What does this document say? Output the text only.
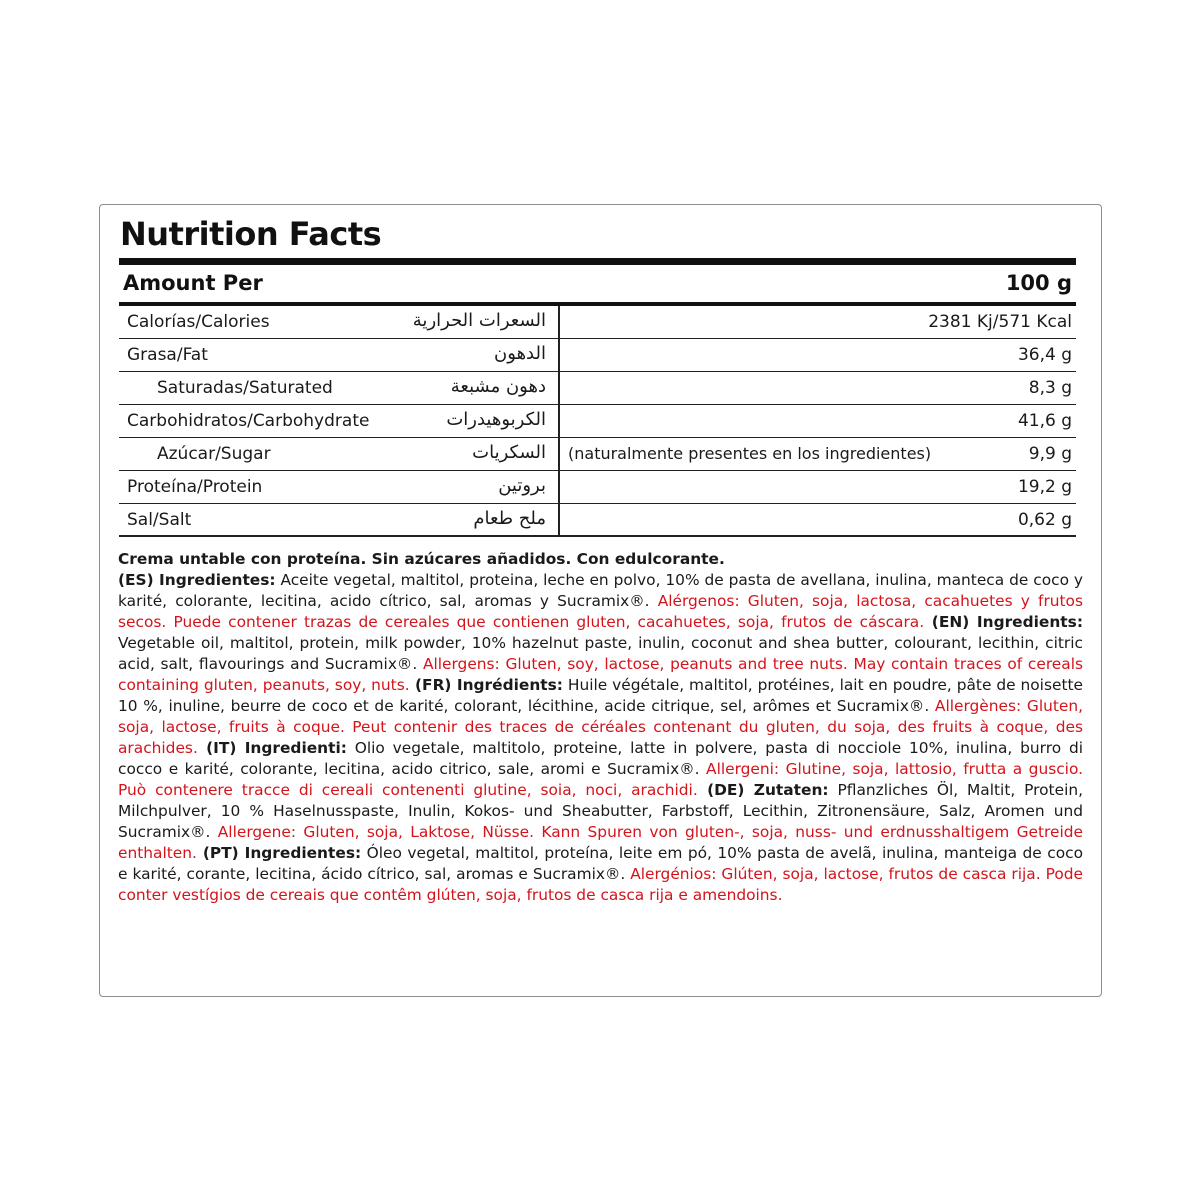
Nutrition Facts
Amount Per	100 g
Calorías/Calories	السعرات الحرارية	2381 Kj/571 Kcal
Grasa/Fat	الدهون	36,4 g
Saturadas/Saturated	دهون مشبعة	8,3 g
Carbohidratos/Carbohydrate	الكربوهيدرات	41,6 g
Azúcar/Sugar	السكريات (naturalmente presentes en los ingredientes)	9,9 g
Proteína/Protein	بروتين	19,2 g
Sal/Salt	ملح طعام	0,62 g
Crema untable con proteína. Sin azúcares añadidos. Con edulcorante.
(ES) Ingredientes: Aceite vegetal, maltitol, proteina, leche en polvo, 10% de pasta de avellana, inulina, manteca de coco y karité, colorante, lecitina, acido cítrico, sal, aromas y Sucramix®. Alérgenos: Gluten, soja, lactosa, cacahuetes y frutos secos. Puede contener trazas de cereales que contienen gluten, cacahuetes, soja, frutos de cáscara. (EN) Ingredients: Vegetable oil, maltitol, protein, milk powder, 10% hazelnut paste, inulin, coconut and shea butter, colourant, lecithin, citric acid, salt, flavourings and Sucramix®. Allergens: Gluten, soy, lactose, peanuts and tree nuts. May contain traces of cereals containing gluten, peanuts, soy, nuts. (FR) Ingrédients: Huile végétale, maltitol, protéines, lait en poudre, pâte de noisette 10 %, inuline, beurre de coco et de karité, colorant, lécithine, acide citrique, sel, arômes et Sucramix®. Allergènes: Gluten, soja, lactose, fruits à coque. Peut contenir des traces de céréales contenant du gluten, du soja, des fruits à coque, des arachides. (IT) Ingredienti: Olio vegetale, maltitolo, proteine, latte in polvere, pasta di nocciole 10%, inulina, burro di cocco e karité, colorante, lecitina, acido citrico, sale, aromi e Sucramix®. Allergeni: Glutine, soja, lattosio, frutta a guscio. Può contenere tracce di cereali contenenti glutine, soia, noci, arachidi. (DE) Zutaten: Pflanzliches Öl, Maltit, Protein, Milchpulver, 10 % Haselnusspaste, Inulin, Kokos- und Sheabutter, Farbstoff, Lecithin, Zitronensäure, Salz, Aromen und Sucramix®. Allergene: Gluten, soja, Laktose, Nüsse. Kann Spuren von gluten-, soja, nuss- und erdnusshaltigem Getreide enthalten. (PT) Ingredientes: Óleo vegetal, maltitol, proteína, leite em pó, 10% pasta de avelã, inulina, manteiga de coco e karité, corante, lecitina, ácido cítrico, sal, aromas e Sucramix®. Alergénios: Glúten, soja, lactose, frutos de casca rija. Pode conter vestígios de cereais que contêm glúten, soja, frutos de casca rija e amendoins.
